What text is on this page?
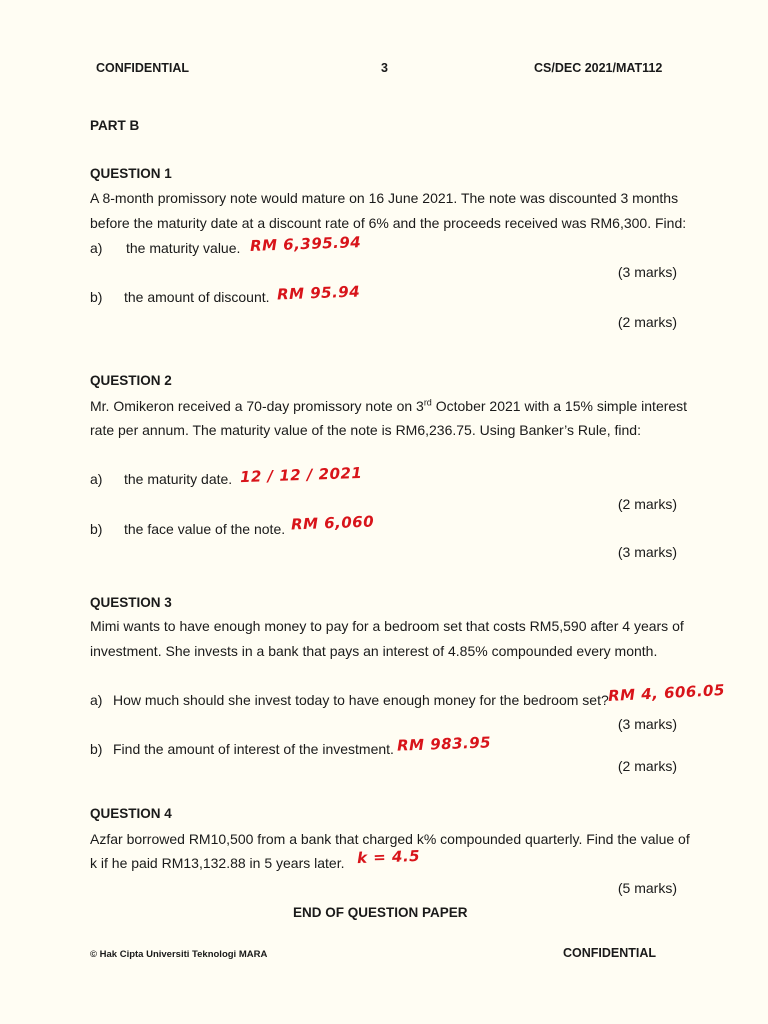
CONFIDENTIAL	3	CS/DEC 2021/MAT112
PART B
QUESTION 1
A 8-month promissory note would mature on 16 June 2021. The note was discounted 3 months
before the maturity date at a discount rate of 6% and the proceeds received was RM6,300. Find:
a) the maturity value. RM 6,395.94
(3 marks)
b) the amount of discount. RM 95.94
(2 marks)
QUESTION 2
Mr. Omikeron received a 70-day promissory note on 3rd October 2021 with a 15% simple interest
rate per annum. The maturity value of the note is RM6,236.75. Using Banker’s Rule, find:
a) the maturity date. 12 / 12 / 2021
(2 marks)
b) the face value of the note. RM 6,060
(3 marks)
QUESTION 3
Mimi wants to have enough money to pay for a bedroom set that costs RM5,590 after 4 years of
investment. She invests in a bank that pays an interest of 4.85% compounded every month.
a) How much should she invest today to have enough money for the bedroom set?
RM 4, 606.05
(3 marks)
b) Find the amount of interest of the investment. RM 983.95
(2 marks)
QUESTION 4
Azfar borrowed RM10,500 from a bank that charged k% compounded quarterly. Find the value of
k if he paid RM13,132.88 in 5 years later. k = 4.5
(5 marks)
END OF QUESTION PAPER
© Hak Cipta Universiti Teknologi MARA	CONFIDENTIAL
